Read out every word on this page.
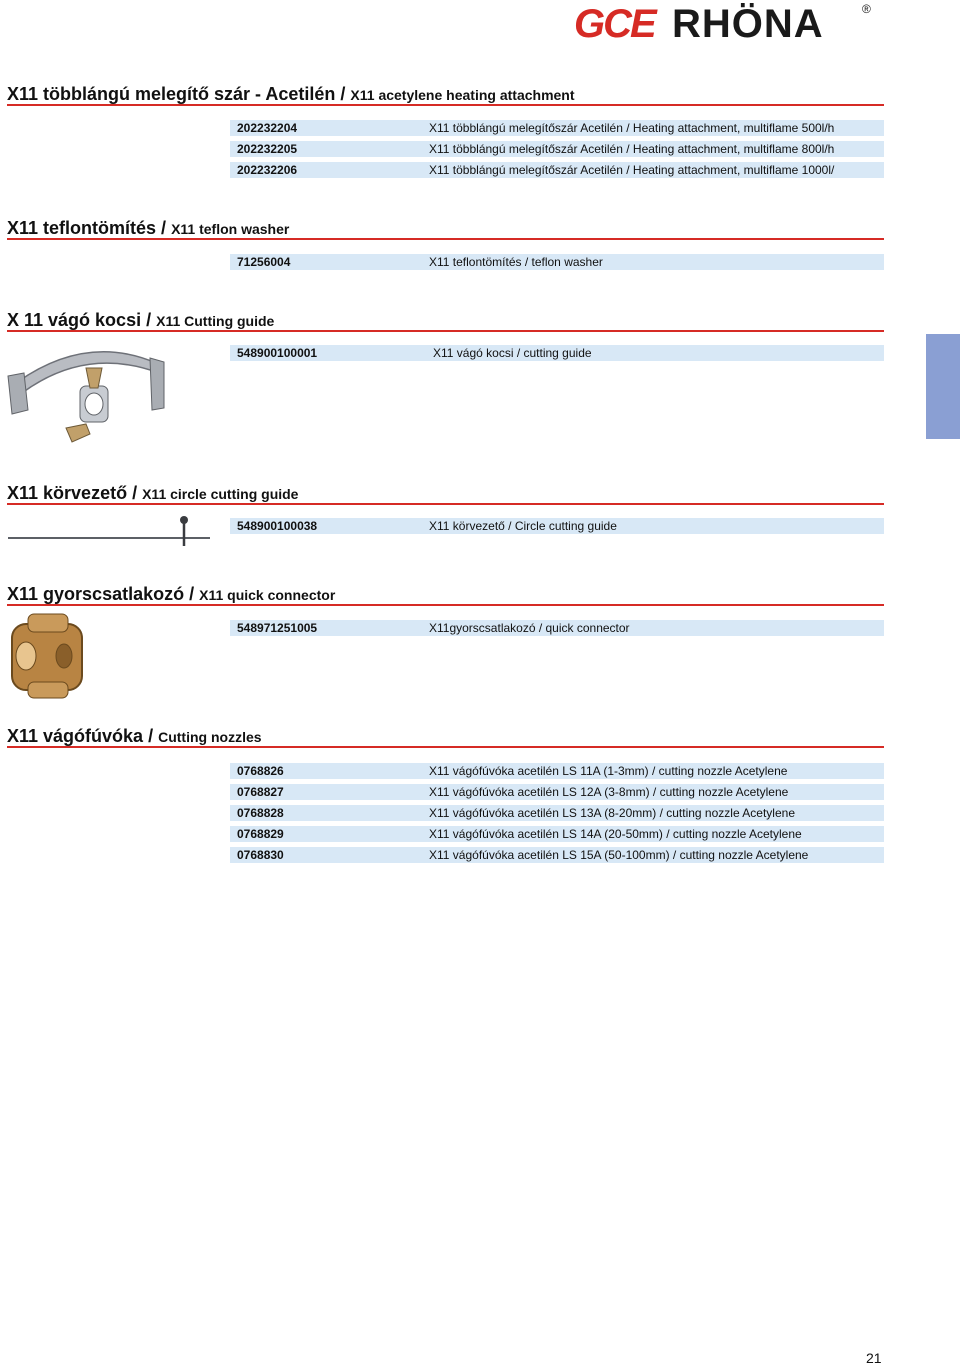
GCE RHÖNA	®
X11 többlángú melegítő szár - Acetilén / X11 acetylene heating attachment
202232204	X11 többlángú melegítőszár Acetilén / Heating attachment, multiflame 500l/h
202232205	X11 többlángú melegítőszár Acetilén / Heating attachment, multiflame 800l/h
202232206	X11 többlángú melegítőszár Acetilén / Heating attachment, multiflame 1000l/
X11 teflontömítés / X11 teflon washer
71256004	X11 teflontömítés / teflon washer
X 11 vágó kocsi / X11 Cutting guide
548900100001	X11 vágó kocsi / cutting guide
X11 körvezető / X11 circle cutting guide
548900100038	X11 körvezető / Circle cutting guide
X11 gyorscsatlakozó / X11 quick connector
548971251005	X11gyorscsatlakozó / quick connector
X11 vágófúvóka / Cutting nozzles
0768826	X11 vágófúvóka acetilén LS 11A (1-3mm) / cutting nozzle Acetylene
0768827	X11 vágófúvóka acetilén LS 12A (3-8mm) / cutting nozzle Acetylene
0768828	X11 vágófúvóka acetilén LS 13A (8-20mm) / cutting nozzle Acetylene
0768829	X11 vágófúvóka acetilén LS 14A (20-50mm) / cutting nozzle Acetylene
0768830	X11 vágófúvóka acetilén LS 15A (50-100mm) / cutting nozzle Acetylene
21
